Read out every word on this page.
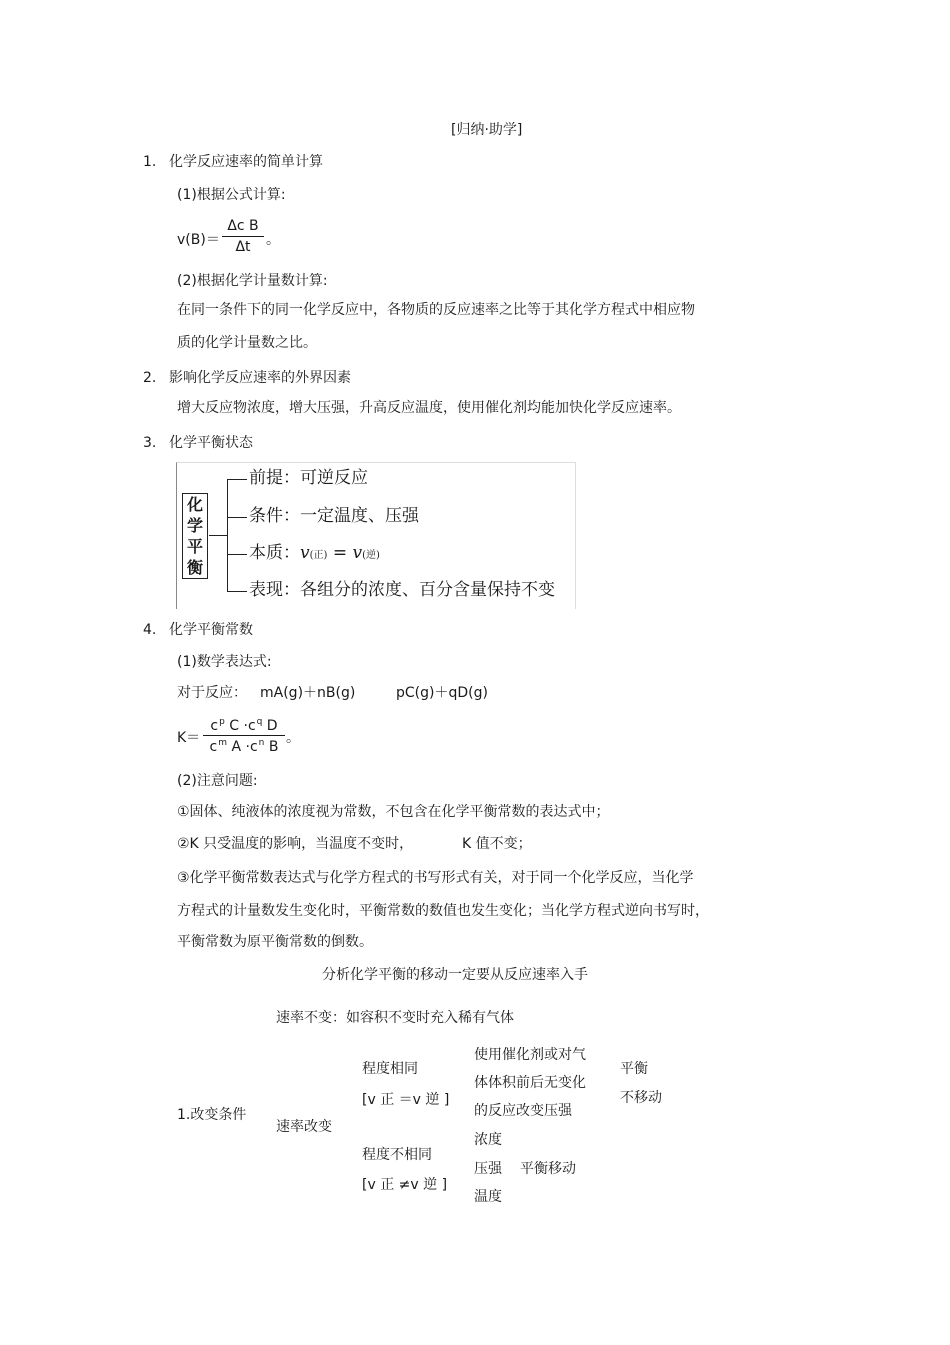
[归纳·助学]
1. 化学反应速率的简单计算
(1)根据公式计算:
v(B)＝
Δc B
Δt	。
(2)根据化学计量数计算:
在同一条件下的同一化学反应中，各物质的反应速率之比等于其化学方程式中相应物
质的化学计量数之比。
2. 影响化学反应速率的外界因素
增大反应物浓度，增大压强，升高反应温度，使用催化剂均能加快化学反应速率。
3. 化学平衡状态
化
学
平
衡
前提：可逆反应
条件：一定温度、压强
本质：v(正) = v(逆)
表现：各组分的浓度、百分含量保持不变
4. 化学平衡常数
(1)数学表达式:
对于反应： mA(g)＋nB(g)	pC(g)＋qD(g)
K＝
$c^p$ $C \cdot c^q$ D
$c^m$ $A \cdot c^n$ B
。
(2)注意问题:
①固体、纯液体的浓度视为常数，不包含在化学平衡常数的表达式中；
②K 只受温度的影响，当温度不变时，	K 值不变；
③化学平衡常数表达式与化学方程式的书写形式有关，对于同一个化学反应，当化学
方程式的计量数发生变化时，平衡常数的数值也发生变化；当化学方程式逆向书写时，
平衡常数为原平衡常数的倒数。
分析化学平衡的移动一定要从反应速率入手
速率不变：如容积不变时充入稀有气体
1.改变条件
速率改变
程度相同
[v 正 ＝v 逆 ]
使用催化剂或对气
体体积前后无变化
的反应改变压强
平衡
不移动
程度不相同
[v 正 ≠v 逆 ]
浓度
压强 平衡移动
温度
